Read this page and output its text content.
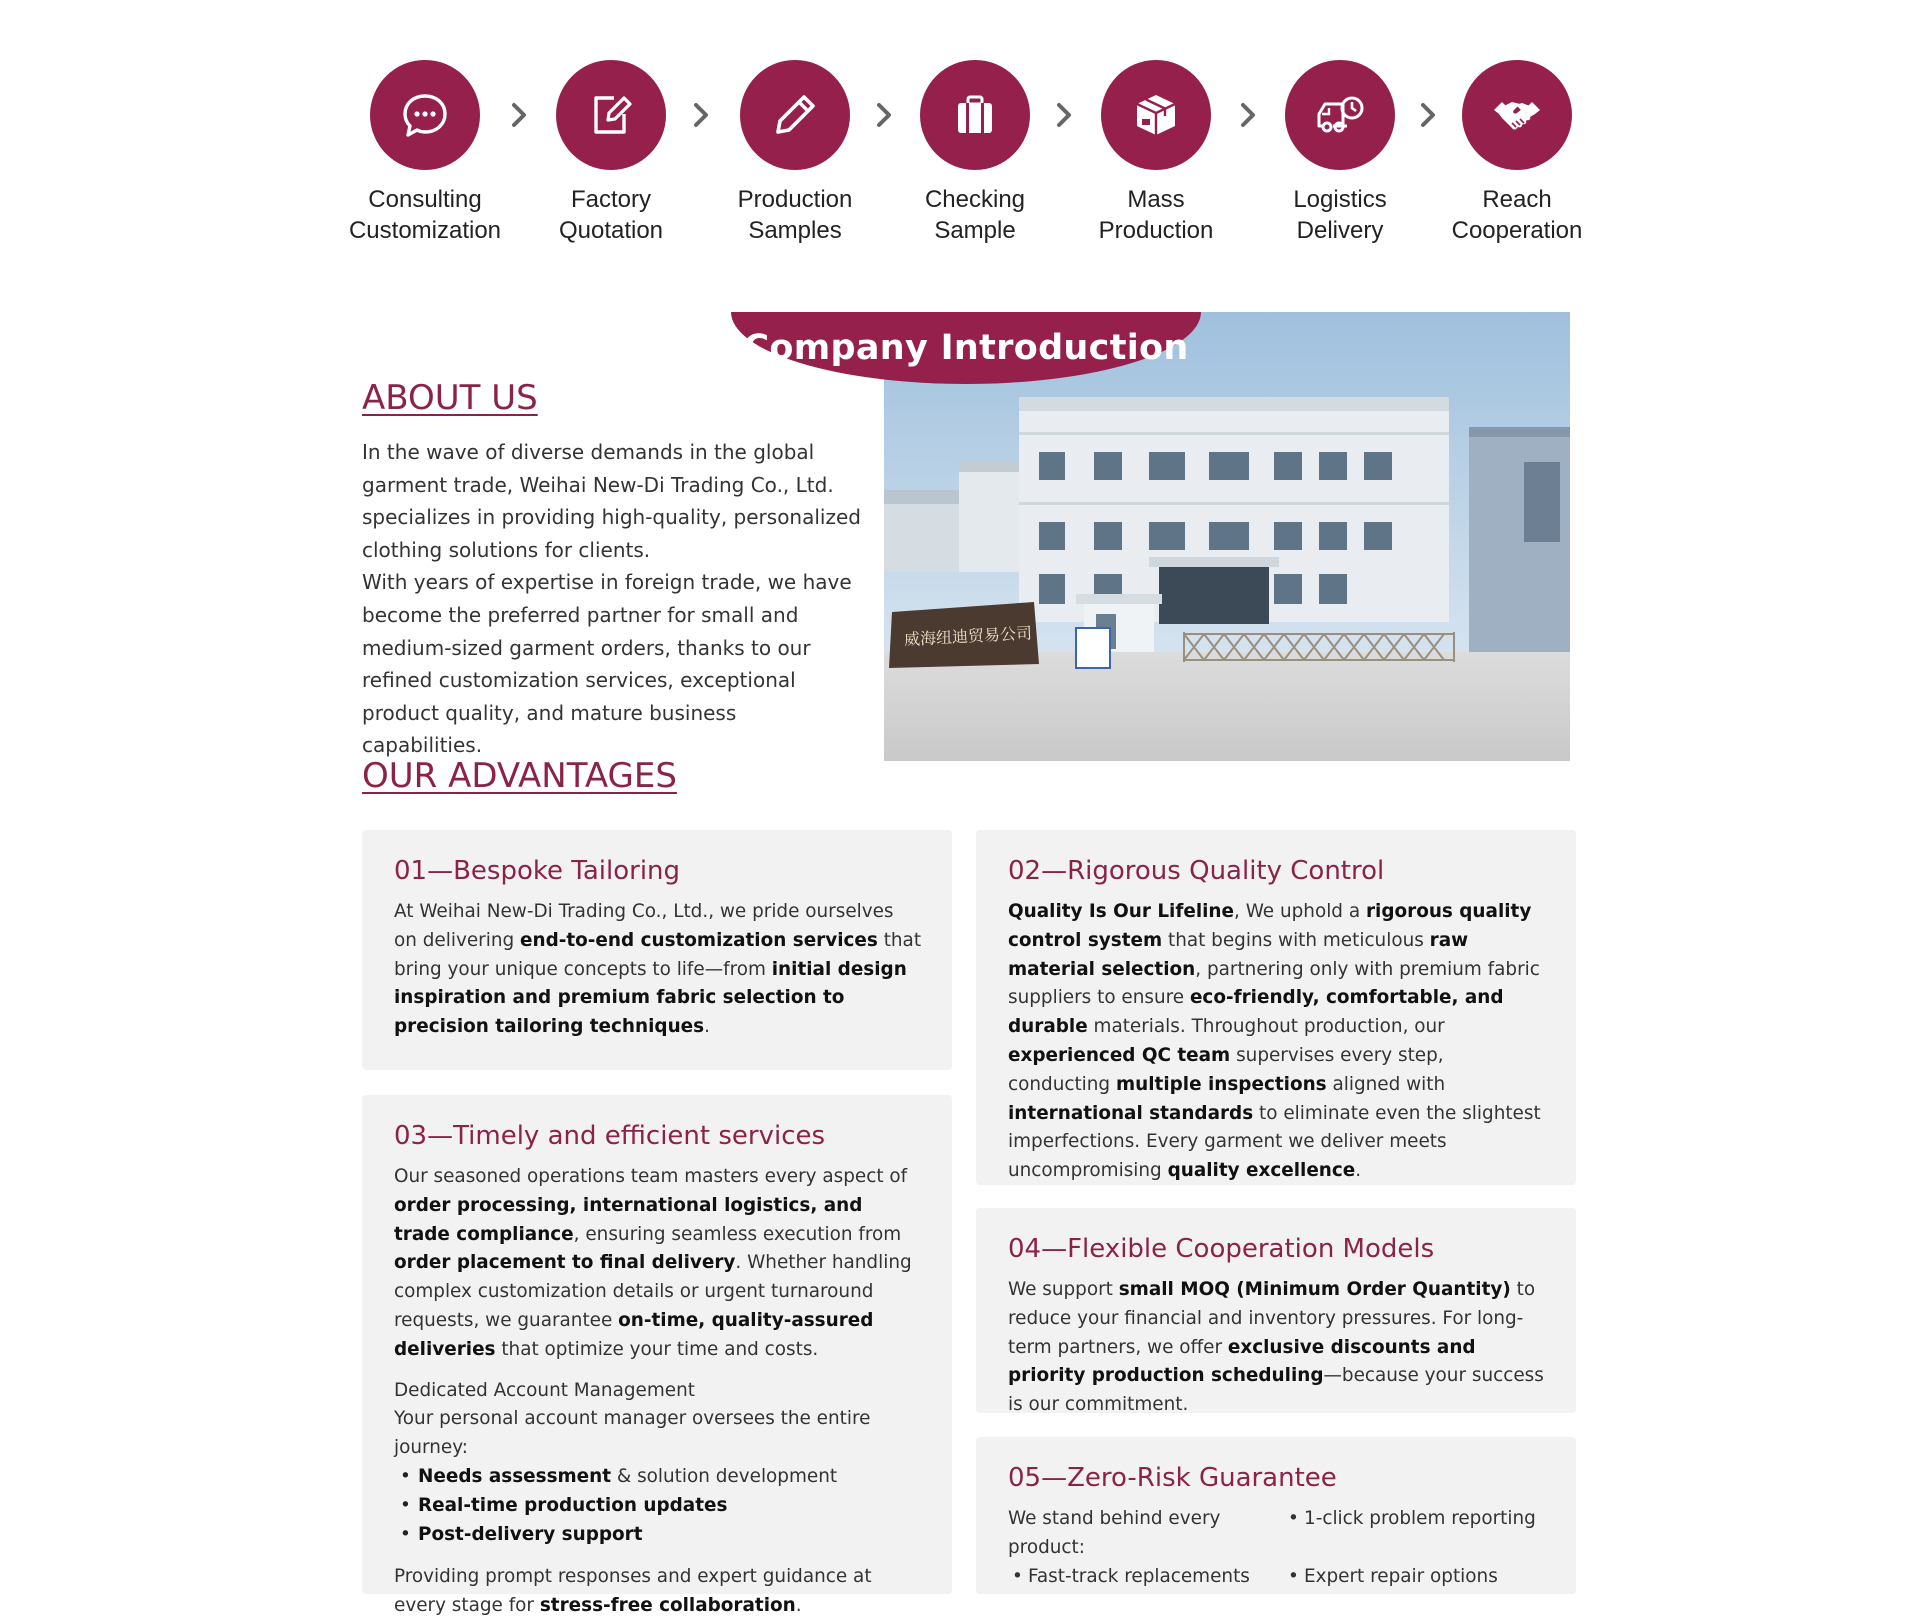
Consulting
Customization
Factory
Quotation
Production
Samples
Checking
Sample
Mass
Production
Logistics
Delivery
Reach
Cooperation
威海纽迪贸易公司
Company Introduction
ABOUT US

In the wave of diverse demands in the global garment trade, Weihai New-Di Trading Co., Ltd. specializes in providing high-quality, personalized clothing solutions for clients.

With years of expertise in foreign trade, we have become the preferred partner for small and medium-sized garment orders, thanks to our refined customization services, exceptional product quality, and mature business capabilities.

OUR ADVANTAGES
01—Bespoke Tailoring

At Weihai New-Di Trading Co., Ltd., we pride ourselves on delivering end-to-end customization services that bring your unique concepts to life—from initial design inspiration and premium fabric selection to precision tailoring techniques.

02—Rigorous Quality Control

Quality Is Our Lifeline, We uphold a rigorous quality control system that begins with meticulous raw material selection, partnering only with premium fabric suppliers to ensure eco-friendly, comfortable, and durable materials. Throughout production, our experienced QC team supervises every step, conducting multiple inspections aligned with international standards to eliminate even the slightest imperfections. Every garment we deliver meets uncompromising quality excellence.

03—Timely and efficient services

Our seasoned operations team masters every aspect of order processing, international logistics, and trade compliance, ensuring seamless execution from order placement to final delivery. Whether handling complex customization details or urgent turnaround requests, we guarantee on-time, quality-assured deliveries that optimize your time and costs.

Dedicated Account Management

Your personal account manager oversees the entire journey:

• Needs assessment & solution development
• Real-time production updates
• Post-delivery support

Providing prompt responses and expert guidance at every stage for stress-free collaboration.

04—Flexible Cooperation Models

We support small MOQ (Minimum Order Quantity) to reduce your financial and inventory pressures. For long-term partners, we offer exclusive discounts and priority production scheduling—because your success is our commitment.

05—Zero-Risk Guarantee
We stand behind every product:
• 1-click problem reporting
• Fast-track replacements
•	Expert repair options
